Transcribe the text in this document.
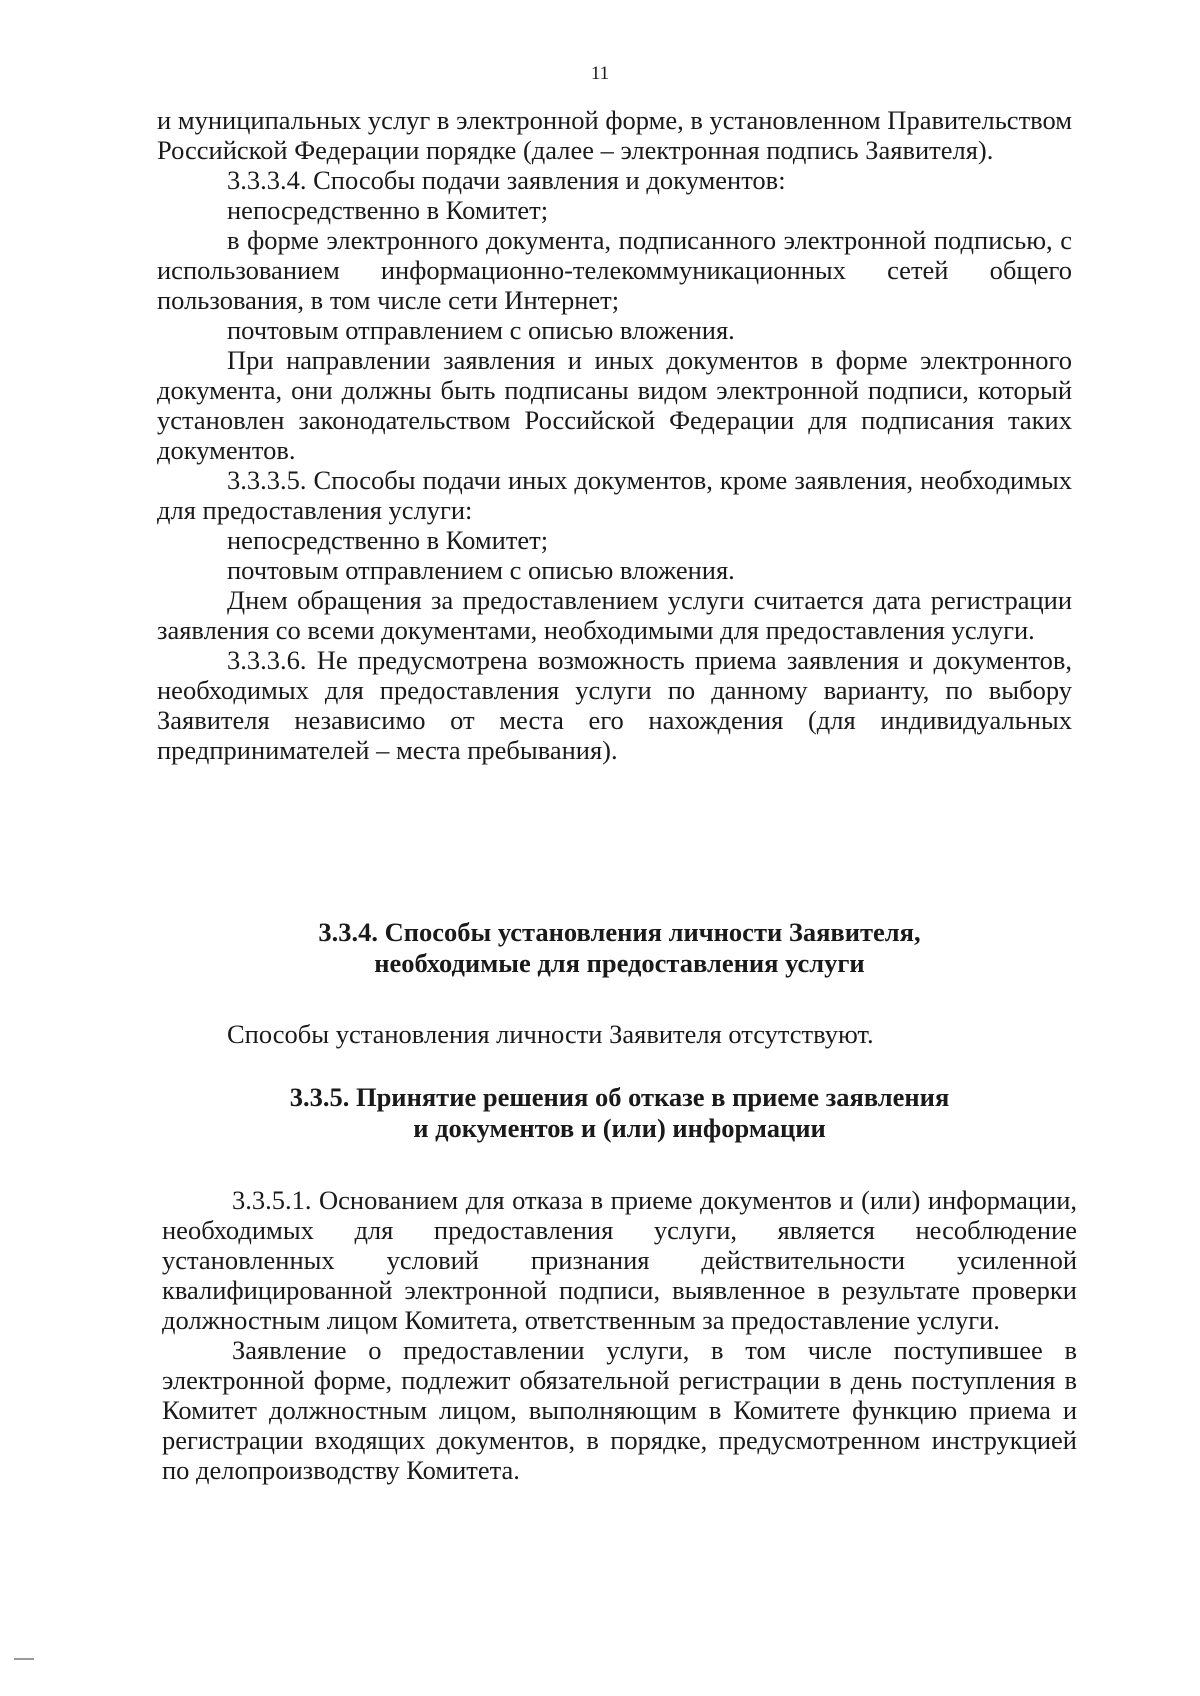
11

и муниципальных услуг в электронной форме, в установленном Правительством Российской Федерации порядке (далее – электронная подпись Заявителя).

3.3.3.4. Способы подачи заявления и документов:

непосредственно в Комитет;

в форме электронного документа, подписанного электронной подписью, с использованием информационно-телекоммуникационных сетей общего пользования, в том числе сети Интернет;

почтовым отправлением с описью вложения.

При направлении заявления и иных документов в форме электронного документа, они должны быть подписаны видом электронной подписи, который установлен законодательством Российской Федерации для подписания таких документов.

3.3.3.5. Способы подачи иных документов, кроме заявления, необходимых для предоставления услуги:

непосредственно в Комитет;

почтовым отправлением с описью вложения.

Днем обращения за предоставлением услуги считается дата регистрации заявления со всеми документами, необходимыми для предоставления услуги.

3.3.3.6. Не предусмотрена возможность приема заявления и документов, необходимых для предоставления услуги по данному варианту, по выбору Заявителя независимо от места его нахождения (для индивидуальных предпринимателей – места пребывания).

3.3.4. Способы установления личности Заявителя,
необходимые для предоставления услуги
Способы установления личности Заявителя отсутствуют.
3.3.5. Принятие решения об отказе в приеме заявления
и документов и (или) информации

3.3.5.1. Основанием для отказа в приеме документов и (или) информации, необходимых для предоставления услуги, является несоблюдение установленных условий признания действительности усиленной квалифицированной электронной подписи, выявленное в результате проверки должностным лицом Комитета, ответственным за предоставление услуги.

Заявление о предоставлении услуги, в том числе поступившее в электронной форме, подлежит обязательной регистрации в день поступления в Комитет должностным лицом, выполняющим в Комитете функцию приема и регистрации входящих документов, в порядке, предусмотренном инструкцией по делопроизводству Комитета.
